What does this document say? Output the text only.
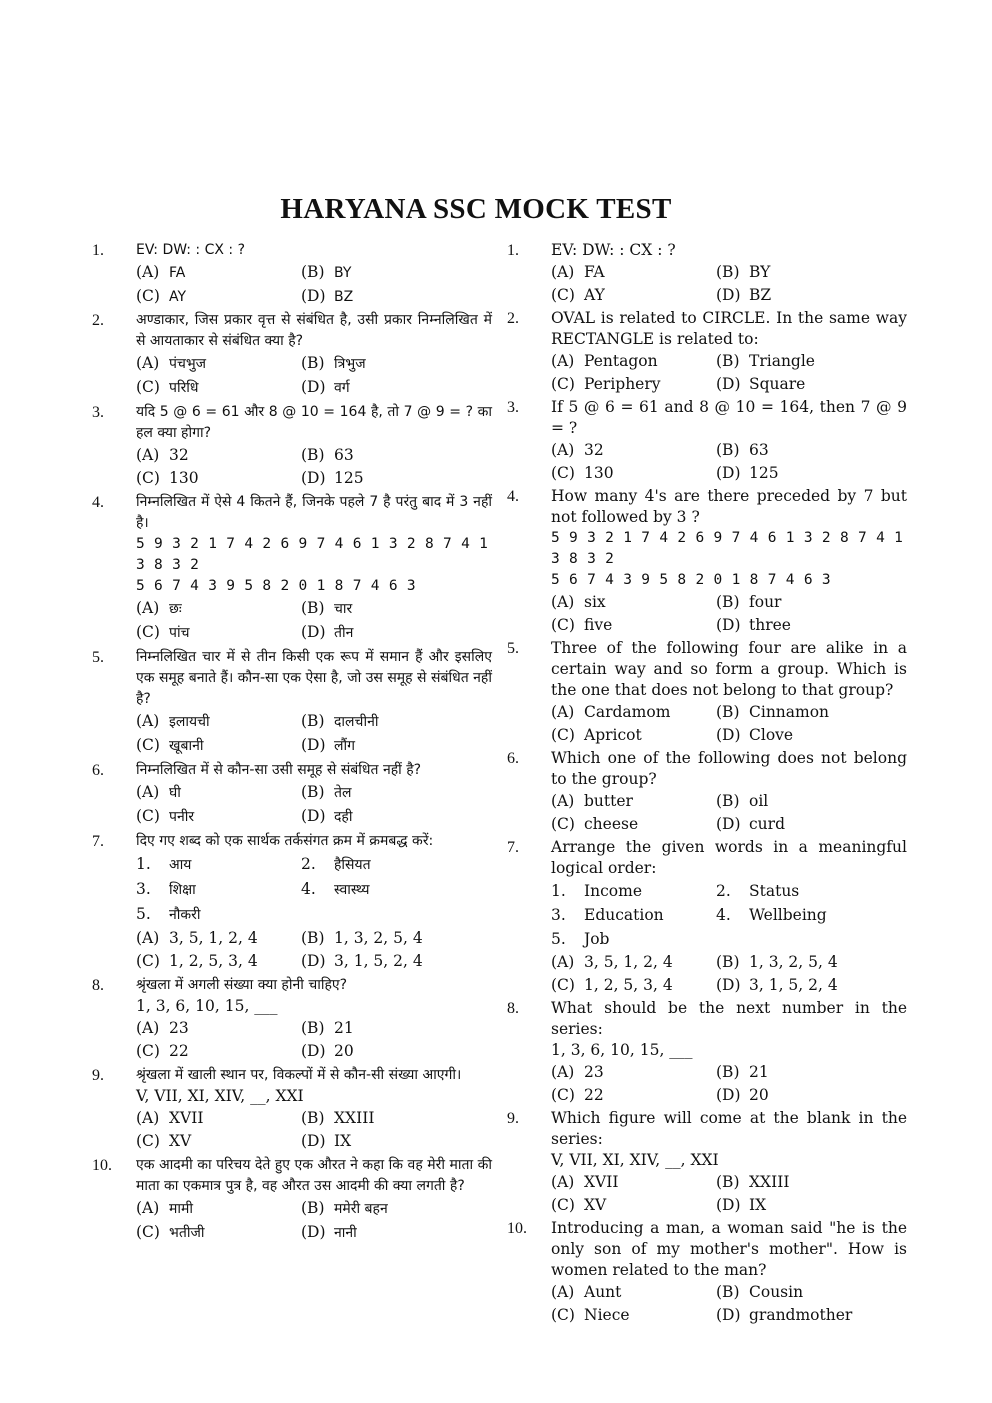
HARYANA SSC MOCK TEST
1. EV: DW: : CX : ?
(A) FA	(B) BY
(C) AY	(D) BZ
2. अण्डाकार, जिस प्रकार वृत्त से संबंधित है, उसी प्रकार निम्नलिखित में से आयताकार से संबंधित क्या है?
(A) पंचभुज	(B) त्रिभुज
(C) परिधि	(D) वर्ग
3. यदि 5 @ 6 = 61 और 8 @ 10 = 164 है, तो 7 @ 9 = ? का हल क्या होगा?
(A) 32	(B) 63
(C) 130	(D) 125
4. निम्नलिखित में ऐसे 4 कितने हैं, जिनके पहले 7 है परंतु बाद में 3 नहीं है।
5 9 3 2 1 7 4 2 6 9 7 4 6 1 3 2 8 7 4 1 3 8 3 2
5 6 7 4 3 9 5 8 2 0 1 8 7 4 6 3
(A) छः	(B) चार
(C) पांच	(D) तीन
5. निम्नलिखित चार में से तीन किसी एक रूप में समान हैं और इसलिए एक समूह बनाते हैं। कौन-सा एक ऐसा है, जो उस समूह से संबंधित नहीं है?
(A) इलायची	(B) दालचीनी
(C) खूबानी	(D) लौंग
6. निम्नलिखित में से कौन-सा उसी समूह से संबंधित नहीं है?
(A) घी	(B) तेल
(C) पनीर	(D) दही
7. दिए गए शब्द को एक सार्थक तर्कसंगत क्रम में क्रमबद्ध करें:
1. आय	2. हैसियत
3. शिक्षा	4. स्वास्थ्य
5. नौकरी
(A) 3, 5, 1, 2, 4	(B) 1, 3, 2, 5, 4
(C) 1, 2, 5, 3, 4	(D) 3, 1, 5, 2, 4
8. श्रृंखला में अगली संख्या क्या होनी चाहिए?
1, 3, 6, 10, 15, ___
(A) 23	(B) 21
(C) 22	(D) 20
9. श्रृंखला में खाली स्थान पर, विकल्पों में से कौन-सी संख्या आएगी।
V, VII, XI, XIV, __, XXI
(A) XVII	(B) XXIII
(C) XV	(D) IX
10. एक आदमी का परिचय देते हुए एक औरत ने कहा कि वह मेरी माता की माता का एकमात्र पुत्र है, वह औरत उस आदमी की क्या लगती है?
(A) मामी	(B) ममेरी बहन
(C) भतीजी	(D) नानी
1. EV: DW: : CX : ?
(A) FA	(B) BY
(C) AY	(D) BZ
2. OVAL is related to CIRCLE. In the same way RECTANGLE is related to:
(A) Pentagon	(B) Triangle
(C) Periphery	(D) Square
3. If 5 @ 6 = 61 and 8 @ 10 = 164, then 7 @ 9 = ?
(A) 32	(B) 63
(C) 130	(D) 125
4. How many 4's are there preceded by 7 but not followed by 3 ?
5 9 3 2 1 7 4 2 6 9 7 4 6 1 3 2 8 7 4 1 3 8 3 2
5 6 7 4 3 9 5 8 2 0 1 8 7 4 6 3
(A) six	(B) four
(C) five	(D) three
5. Three of the following four are alike in a certain way and so form a group. Which is the one that does not belong to that group?
(A) Cardamom	(B) Cinnamon
(C) Apricot	(D) Clove
6. Which one of the following does not belong to the group?
(A) butter	(B) oil
(C) cheese	(D) curd
7. Arrange the given words in a meaningful logical order:
1. Income	2. Status
3. Education	4. Wellbeing
5. Job
(A) 3, 5, 1, 2, 4	(B) 1, 3, 2, 5, 4
(C) 1, 2, 5, 3, 4	(D) 3, 1, 5, 2, 4
8. What should be the next number in the series:
1, 3, 6, 10, 15, ___
(A) 23	(B) 21
(C) 22	(D) 20
9. Which figure will come at the blank in the series:
V, VII, XI, XIV, __, XXI
(A) XVII	(B) XXIII
(C) XV	(D) IX
10. Introducing a man, a woman said "he is the only son of my mother's mother". How is women related to the man?
(A) Aunt	(B) Cousin
(C) Niece	(D) grandmother
